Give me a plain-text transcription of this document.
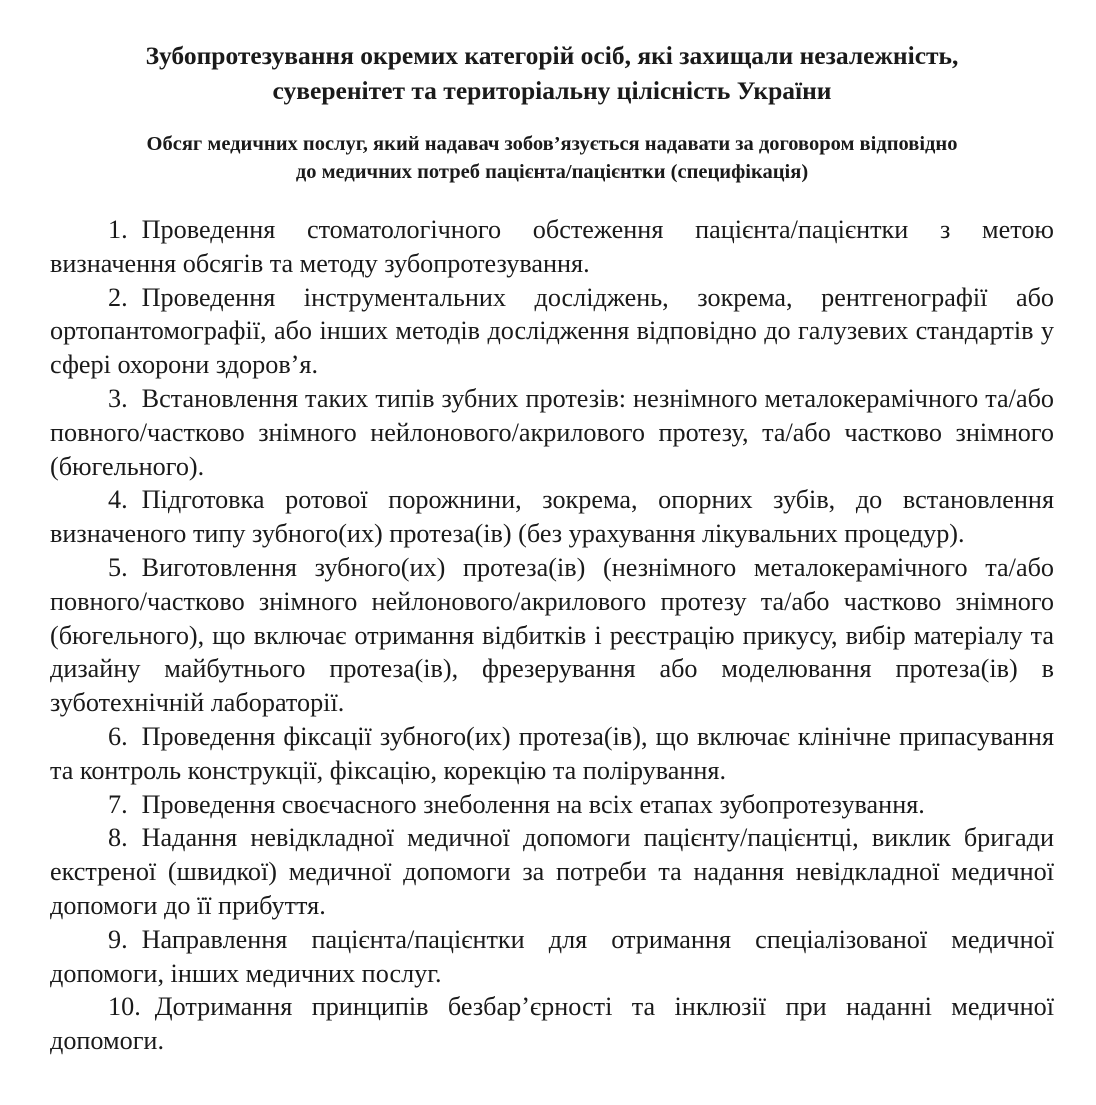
Зубопротезування окремих категорій осіб, які захищали незалежність,
суверенітет та територіальну цілісність України
Обсяг медичних послуг, який надавач зобов’язується надавати за договором відповідно
до медичних потреб пацієнта/пацієнтки (специфікація)
1. Проведення стоматологічного обстеження пацієнта/пацієнтки з метою визначення обсягів та методу зубопротезування.
2. Проведення інструментальних досліджень, зокрема, рентгенографії або ортопантомографії, або інших методів дослідження відповідно до галузевих стандартів у сфері охорони здоров’я.
3. Встановлення таких типів зубних протезів: незнімного металокерамічного та/або повного/частково знімного нейлонового/акрилового протезу, та/або частково знімного (бюгельного).
4. Підготовка ротової порожнини, зокрема, опорних зубів, до встановлення визначеного типу зубного(их) протеза(ів) (без урахування лікувальних процедур).
5. Виготовлення зубного(их) протеза(ів) (незнімного металокерамічного та/або повного/частково знімного нейлонового/акрилового протезу та/або частково знімного (бюгельного), що включає отримання відбитків і реєстрацію прикусу, вибір матеріалу та дизайну майбутнього протеза(ів), фрезерування або моделювання протеза(ів) в зуботехнічній лабораторії.
6. Проведення фіксації зубного(их) протеза(ів), що включає клінічне припасування та контроль конструкції, фіксацію, корекцію та полірування.
7. Проведення своєчасного знеболення на всіх етапах зубопротезування.
8. Надання невідкладної медичної допомоги пацієнту/пацієнтці, виклик бригади екстреної (швидкої) медичної допомоги за потреби та надання невідкладної медичної допомоги до її прибуття.
9. Направлення пацієнта/пацієнтки для отримання спеціалізованої медичної допомоги, інших медичних послуг.
10. Дотримання принципів безбар’єрності та інклюзії при наданні медичної допомоги.
